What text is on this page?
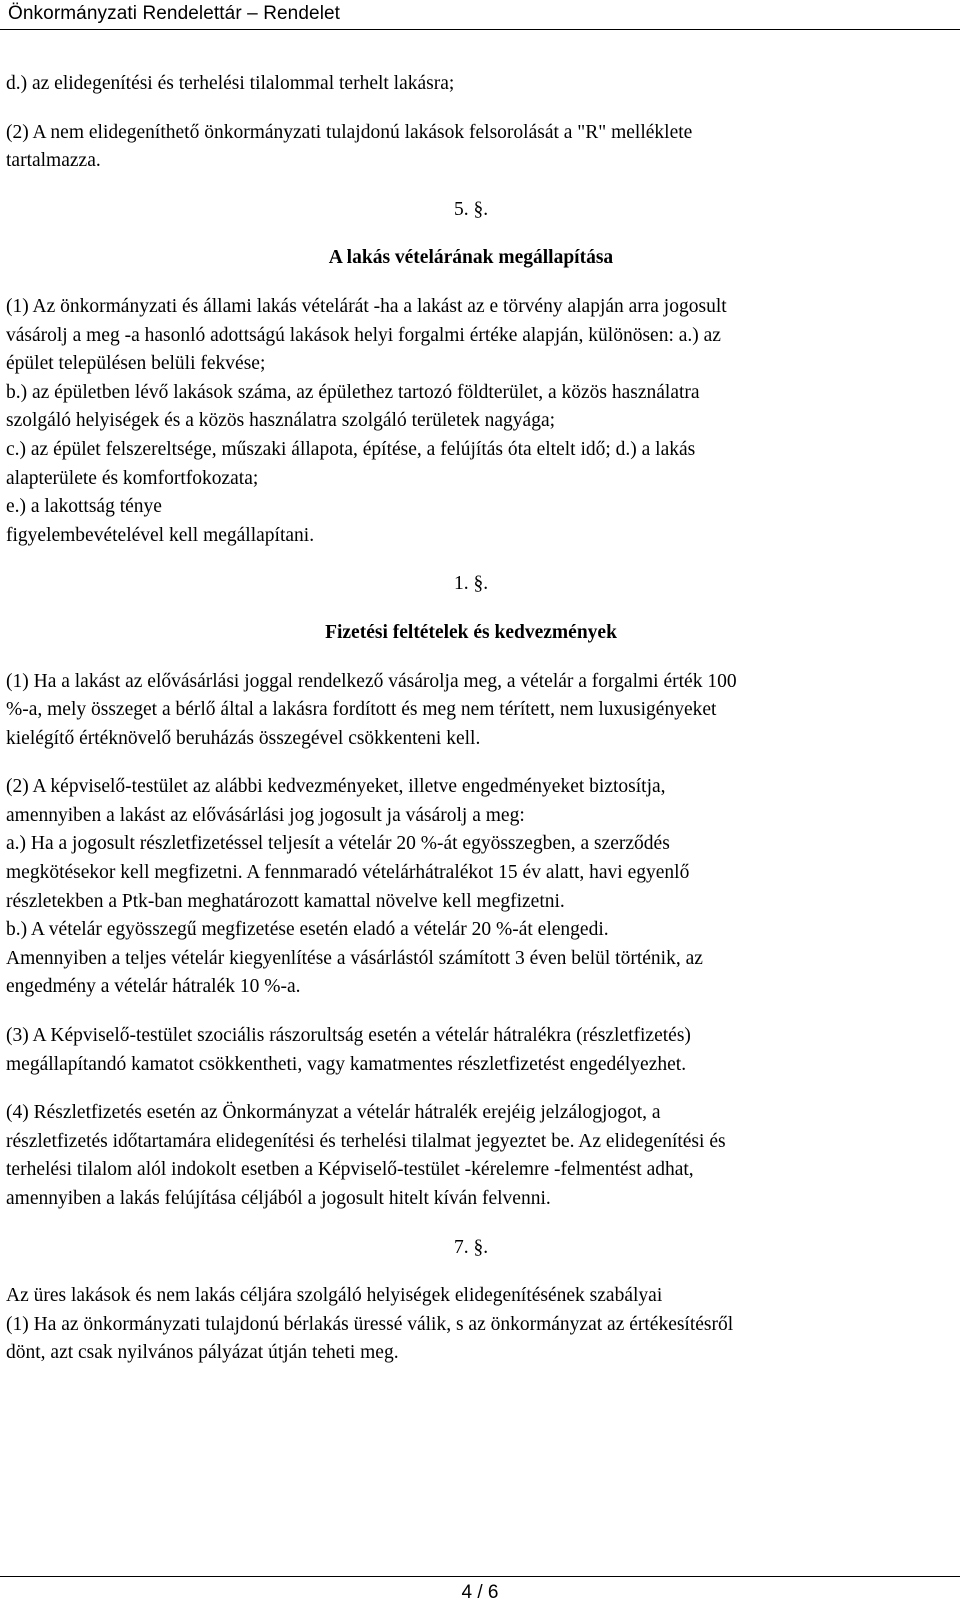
Önkormányzati Rendelettár – Rendelet

d.) az elidegenítési és terhelési tilalommal terhelt lakásra;

(2) A nem elidegeníthető önkormányzati tulajdonú lakások felsorolását a "R" melléklete

tartalmazza.

5. §.

A lakás vételárának megállapítása

(1) Az önkormányzati és állami lakás vételárát -ha a lakást az e törvény alapján arra jogosult

vásárolj a meg -a hasonló adottságú lakások helyi forgalmi értéke alapján, különösen: a.) az

épület településen belüli fekvése;

b.) az épületben lévő lakások száma, az épülethez tartozó földterület, a közös használatra

szolgáló helyiségek és a közös használatra szolgáló területek nagyága;

c.) az épület felszereltsége, műszaki állapota, építése, a felújítás óta eltelt idő; d.) a lakás

alapterülete és komfortfokozata;

e.) a lakottság ténye

figyelembevételével kell megállapítani.

1. §.

Fizetési feltételek és kedvezmények

(1) Ha a lakást az elővásárlási joggal rendelkező vásárolja meg, a vételár a forgalmi érték 100

%-a, mely összeget a bérlő által a lakásra fordított és meg nem térített, nem luxusigényeket

kielégítő értéknövelő beruházás összegével csökkenteni kell.

(2) A képviselő-testület az alábbi kedvezményeket, illetve engedményeket biztosítja,

amennyiben a lakást az elővásárlási jog jogosult ja vásárolj a meg:

a.) Ha a jogosult részletfizetéssel teljesít a vételár 20 %-át egyösszegben, a szerződés

megkötésekor kell megfizetni. A fennmaradó vételárhátralékot 15 év alatt, havi egyenlő

részletekben a Ptk-ban meghatározott kamattal növelve kell megfizetni.

b.) A vételár egyösszegű megfizetése esetén eladó a vételár 20 %-át elengedi.

Amennyiben a teljes vételár kiegyenlítése a vásárlástól számított 3 éven belül történik, az

engedmény a vételár hátralék 10 %-a.

(3) A Képviselő-testület szociális rászorultság esetén a vételár hátralékra (részletfizetés)

megállapítandó kamatot csökkentheti, vagy kamatmentes részletfizetést engedélyezhet.

(4) Részletfizetés esetén az Önkormányzat a vételár hátralék erejéig jelzálogjogot, a

részletfizetés időtartamára elidegenítési és terhelési tilalmat jegyeztet be. Az elidegenítési és

terhelési tilalom alól indokolt esetben a Képviselő-testület -kérelemre -felmentést adhat,

amennyiben a lakás felújítása céljából a jogosult hitelt kíván felvenni.

7. §.

Az üres lakások és nem lakás céljára szolgáló helyiségek elidegenítésének szabályai

(1) Ha az önkormányzati tulajdonú bérlakás üressé válik, s az önkormányzat az értékesítésről

dönt, azt csak nyilvános pályázat útján teheti meg.

4 / 6
